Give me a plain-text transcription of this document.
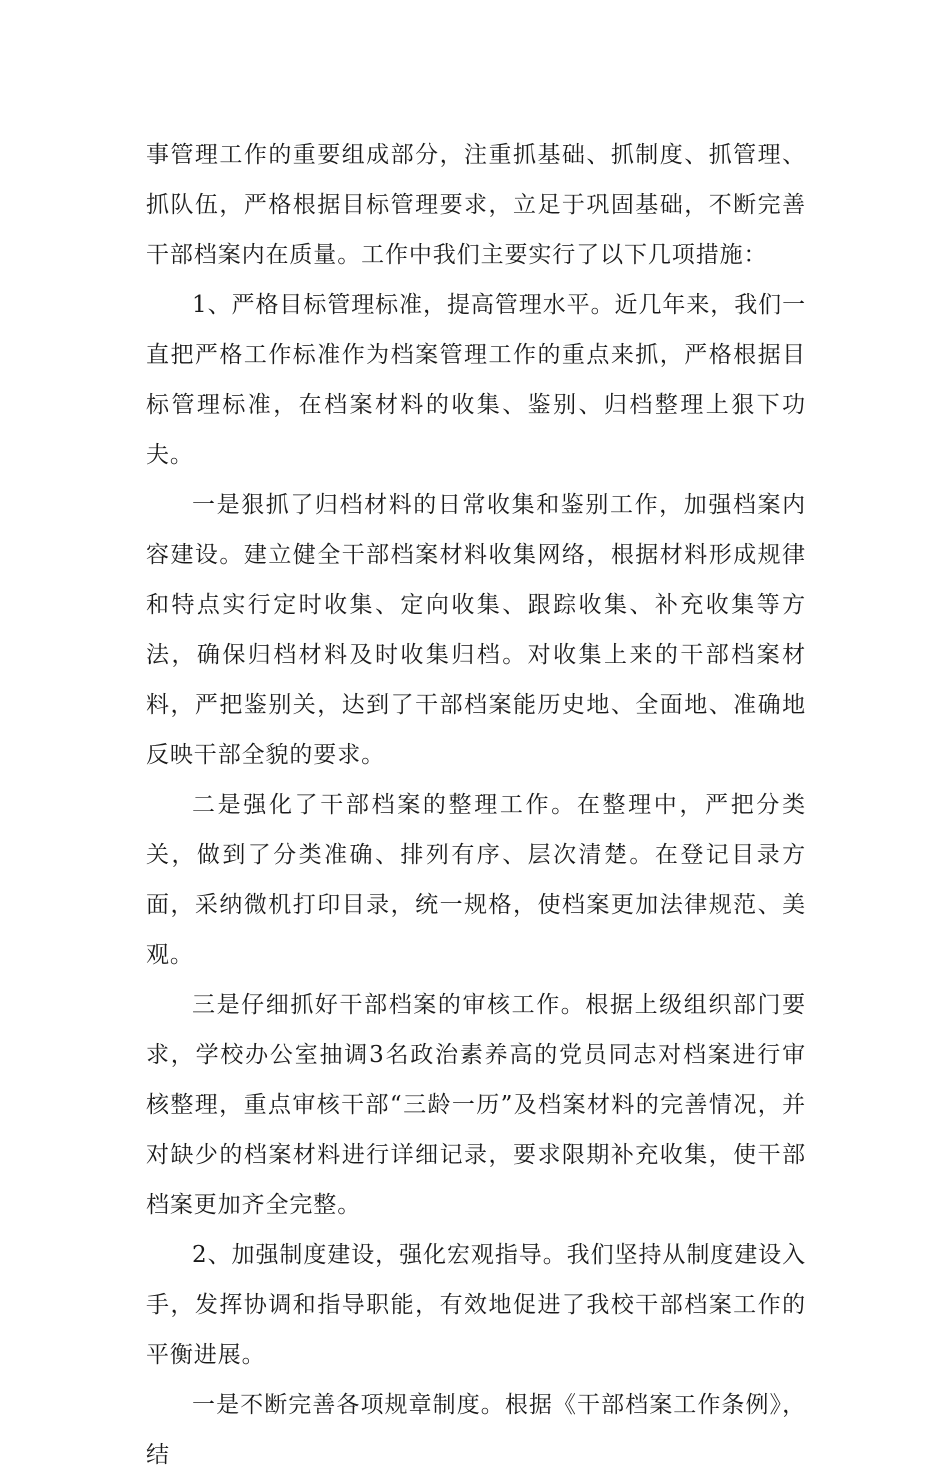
事管理工作的重要组成部分，注重抓基础、抓制度、抓管理、抓队伍，严格根据目标管理要求，立足于巩固基础，不断完善干部档案内在质量。工作中我们主要实行了以下几项措施：

1、严格目标管理标准，提高管理水平。近几年来，我们一直把严格工作标准作为档案管理工作的重点来抓，严格根据目标管理标准，在档案材料的收集、鉴别、归档整理上狠下功夫。

一是狠抓了归档材料的日常收集和鉴别工作，加强档案内容建设。建立健全干部档案材料收集网络，根据材料形成规律和特点实行定时收集、定向收集、跟踪收集、补充收集等方法，确保归档材料及时收集归档。对收集上来的干部档案材料，严把鉴别关，达到了干部档案能历史地、全面地、准确地反映干部全貌的要求。

二是强化了干部档案的整理工作。在整理中，严把分类关，做到了分类准确、排列有序、层次清楚。在登记目录方面，采纳微机打印目录，统一规格，使档案更加法律规范、美观。

三是仔细抓好干部档案的审核工作。根据上级组织部门要求，学校办公室抽调3名政治素养高的党员同志对档案进行审核整理，重点审核干部“三龄一历”及档案材料的完善情况，并对缺少的档案材料进行详细记录，要求限期补充收集，使干部档案更加齐全完整。

2、加强制度建设，强化宏观指导。我们坚持从制度建设入手，发挥协调和指导职能，有效地促进了我校干部档案工作的平衡进展。

一是不断完善各项规章制度。根据《干部档案工作条例》，结
